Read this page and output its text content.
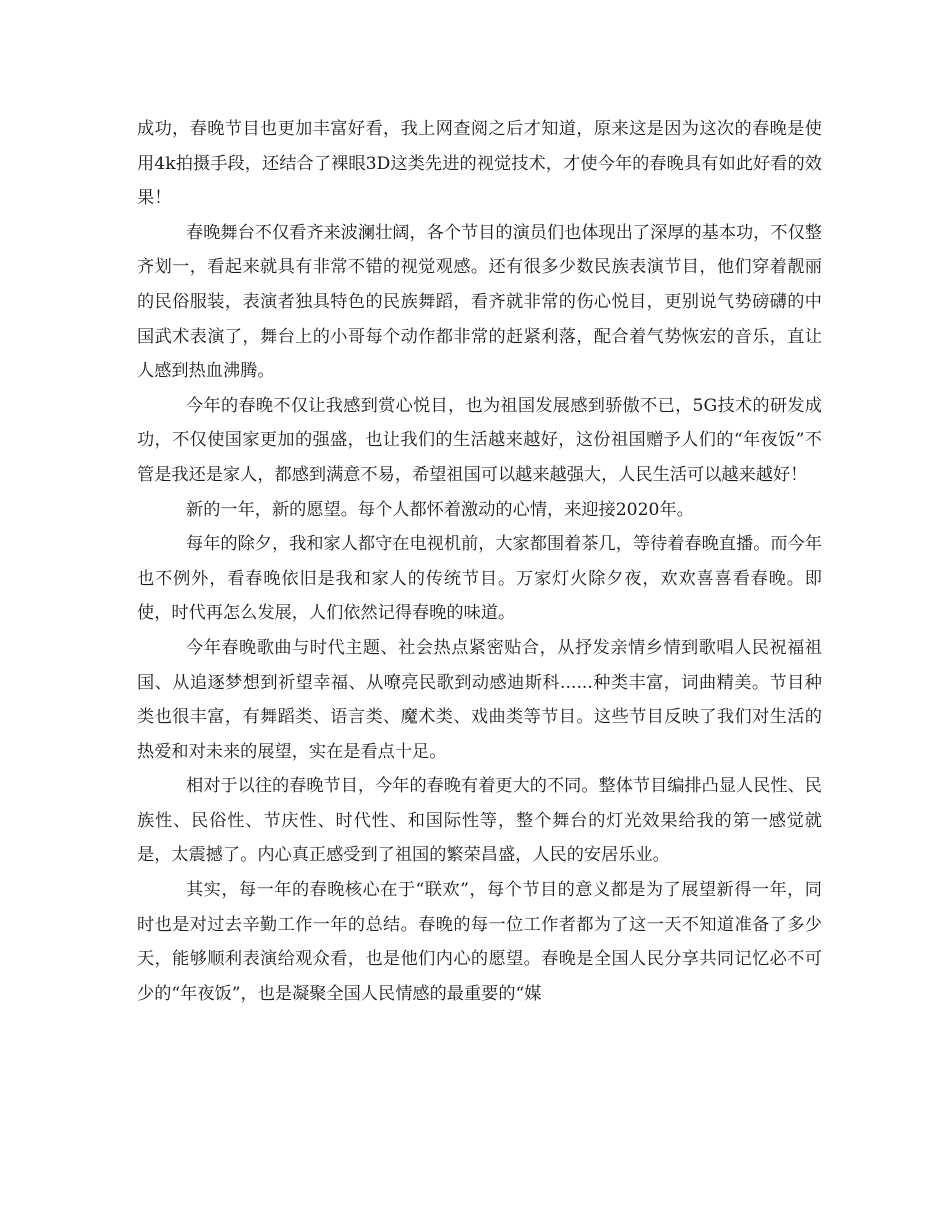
成功，春晚节目也更加丰富好看，我上网查阅之后才知道，原来这是因为这次的春晚是使用4k拍摄手段，还结合了裸眼3D这类先进的视觉技术，才使今年的春晚具有如此好看的效果！

春晚舞台不仅看齐来波澜壮阔，各个节目的演员们也体现出了深厚的基本功，不仅整齐划一，看起来就具有非常不错的视觉观感。还有很多少数民族表演节目，他们穿着靓丽的民俗服装，表演者独具特色的民族舞蹈，看齐就非常的伤心悦目，更别说气势磅礴的中国武术表演了，舞台上的小哥每个动作都非常的赶紧利落，配合着气势恢宏的音乐，直让人感到热血沸腾。

今年的春晚不仅让我感到赏心悦目，也为祖国发展感到骄傲不已，5G技术的研发成功，不仅使国家更加的强盛，也让我们的生活越来越好，这份祖国赠予人们的“年夜饭”不管是我还是家人，都感到满意不易，希望祖国可以越来越强大，人民生活可以越来越好！

新的一年，新的愿望。每个人都怀着激动的心情，来迎接2020年。

每年的除夕，我和家人都守在电视机前，大家都围着茶几，等待着春晚直播。而今年也不例外，看春晚依旧是我和家人的传统节目。万家灯火除夕夜，欢欢喜喜看春晚。即使，时代再怎么发展，人们依然记得春晚的味道。

今年春晚歌曲与时代主题、社会热点紧密贴合，从抒发亲情乡情到歌唱人民祝福祖国、从追逐梦想到祈望幸福、从嘹亮民歌到动感迪斯科......种类丰富，词曲精美。节目种类也很丰富，有舞蹈类、语言类、魔术类、戏曲类等节目。这些节目反映了我们对生活的热爱和对未来的展望，实在是看点十足。

相对于以往的春晚节目，今年的春晚有着更大的不同。整体节目编排凸显人民性、民族性、民俗性、节庆性、时代性、和国际性等，整个舞台的灯光效果给我的第一感觉就是，太震撼了。内心真正感受到了祖国的繁荣昌盛，人民的安居乐业。

其实，每一年的春晚核心在于“联欢”，每个节目的意义都是为了展望新得一年，同时也是对过去辛勤工作一年的总结。春晚的每一位工作者都为了这一天不知道准备了多少天，能够顺利表演给观众看，也是他们内心的愿望。春晚是全国人民分享共同记忆必不可少的“年夜饭”，也是凝聚全国人民情感的最重要的“媒
